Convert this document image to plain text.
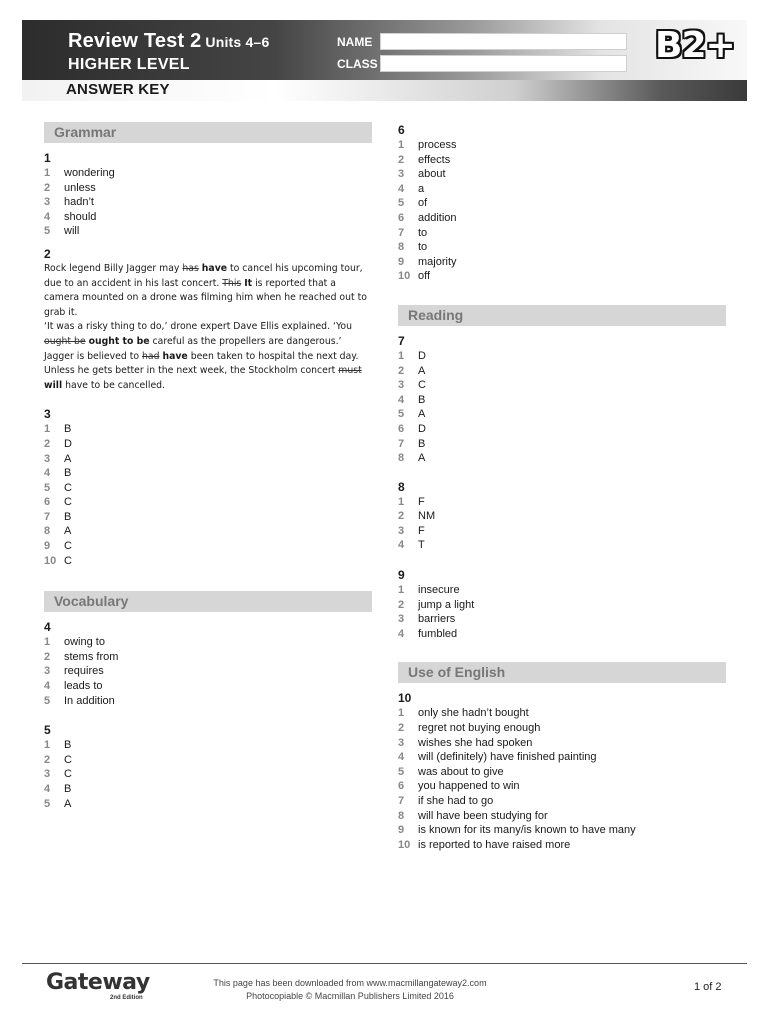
Review Test 2 Units 4–6
HIGHER LEVEL
ANSWER KEY
NAME
CLASS	B2+
Grammar
1
1 wondering
2 unless
3 hadn’t
4 should
5 will
2
Rock legend Billy Jagger may has have to cancel his upcoming tour, due to an accident in his last concert. This It is reported that a camera mounted on a drone was filming him when he reached out to grab it.
‘It was a risky thing to do,’ drone expert Dave Ellis explained. ‘You ought be ought to be careful as the propellers are dangerous.’
Jagger is believed to had have been taken to hospital the next day.
Unless he gets better in the next week, the Stockholm concert must will have to be cancelled.
3
1 B
2 D
3 A
4 B
5 C
6 C
7 B
8 A
9 C
10 C
Vocabulary
4
1 owing to
2 stems from
3 requires
4 leads to
5 In addition
5
1 B
2 C
3 C
4 B
5 A
6
1 process
2 effects
3 about
4 a
5 of
6 addition
7 to
8 to
9 majority
10 off
Reading
7
1 D
2 A
3 C
4 B
5 A
6 D
7 B
8 A
8
1 F
2 NM
3 F
4 T
9
1 insecure
2 jump a light
3 barriers
4 fumbled
Use of English
10
1 only she hadn’t bought
2 regret not buying enough
3 wishes she had spoken
4 will (definitely) have finished painting
5 was about to give
6 you happened to win
7 if she had to go
8 will have been studying for
9 is known for its many/is known to have many
10 is reported to have raised more
Gateway
2nd Edition
This page has been downloaded from www.macmillangateway2.com
Photocopiable © Macmillan Publishers Limited 2016
1 of 2
